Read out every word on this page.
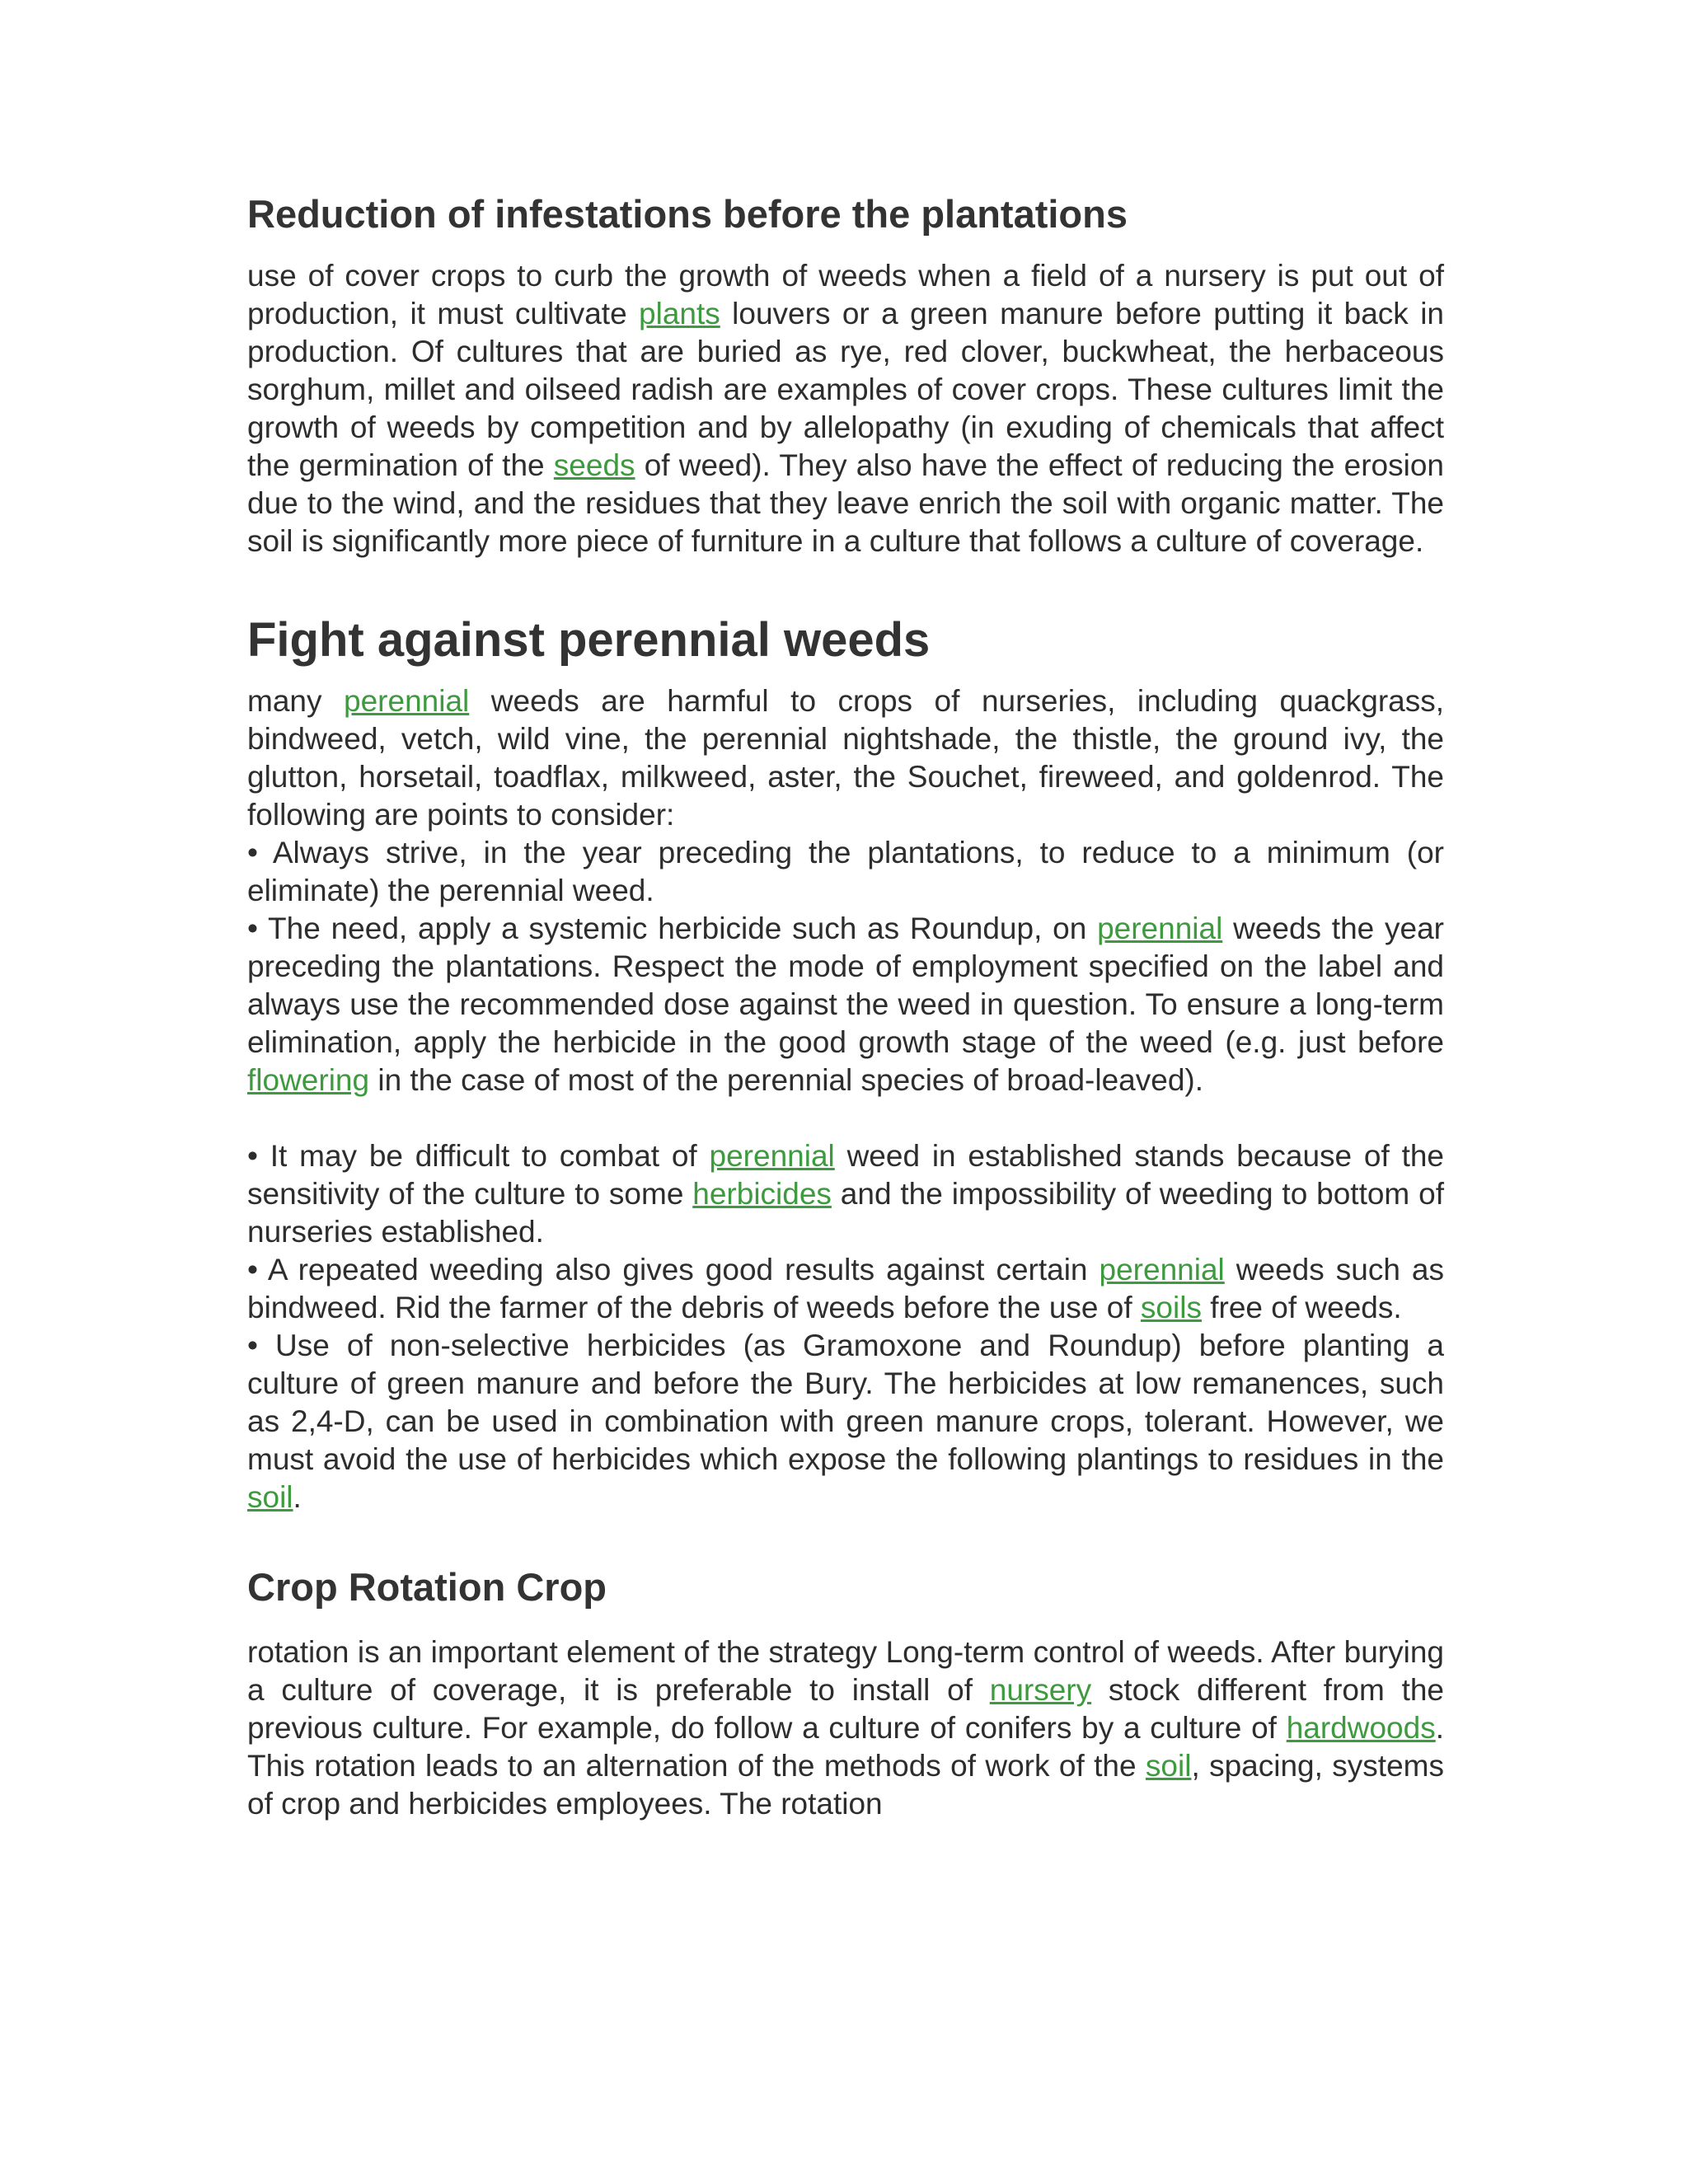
Reduction of infestations before the plantations

use of cover crops to curb the growth of weeds when a field of a nursery is put out of production, it must cultivate plants louvers or a green manure before putting it back in production. Of cultures that are buried as rye, red clover, buckwheat, the herbaceous sorghum, millet and oilseed radish are examples of cover crops. These cultures limit the growth of weeds by competition and by allelopathy (in exuding of chemicals that affect the germination of the seeds of weed). They also have the effect of reducing the erosion due to the wind, and the residues that they leave enrich the soil with organic matter. The soil is significantly more piece of furniture in a culture that follows a culture of coverage.

Fight against perennial weeds

many perennial weeds are harmful to crops of nurseries, including quackgrass, bindweed, vetch, wild vine, the perennial nightshade, the thistle, the ground ivy, the glutton, horsetail, toadflax, milkweed, aster, the Souchet, fireweed, and goldenrod. The following are points to consider:
• Always strive, in the year preceding the plantations, to reduce to a minimum (or eliminate) the perennial weed.
• The need, apply a systemic herbicide such as Roundup, on perennial weeds the year preceding the plantations. Respect the mode of employment specified on the label and always use the recommended dose against the weed in question. To ensure a long-term elimination, apply the herbicide in the good growth stage of the weed (e.g. just before flowering in the case of most of the perennial species of broad-leaved).

• It may be difficult to combat of perennial weed in established stands because of the sensitivity of the culture to some herbicides and the impossibility of weeding to bottom of nurseries established.
• A repeated weeding also gives good results against certain perennial weeds such as bindweed. Rid the farmer of the debris of weeds before the use of soils free of weeds.
• Use of non-selective herbicides (as Gramoxone and Roundup) before planting a culture of green manure and before the Bury. The herbicides at low remanences, such as 2,4-D, can be used in combination with green manure crops, tolerant. However, we must avoid the use of herbicides which expose the following plantings to residues in the soil.

Crop Rotation Crop

rotation is an important element of the strategy Long-term control of weeds. After burying a culture of coverage, it is preferable to install of nursery stock different from the previous culture. For example, do follow a culture of conifers by a culture of hardwoods. This rotation leads to an alternation of the methods of work of the soil, spacing, systems of crop and herbicides employees. The rotation
